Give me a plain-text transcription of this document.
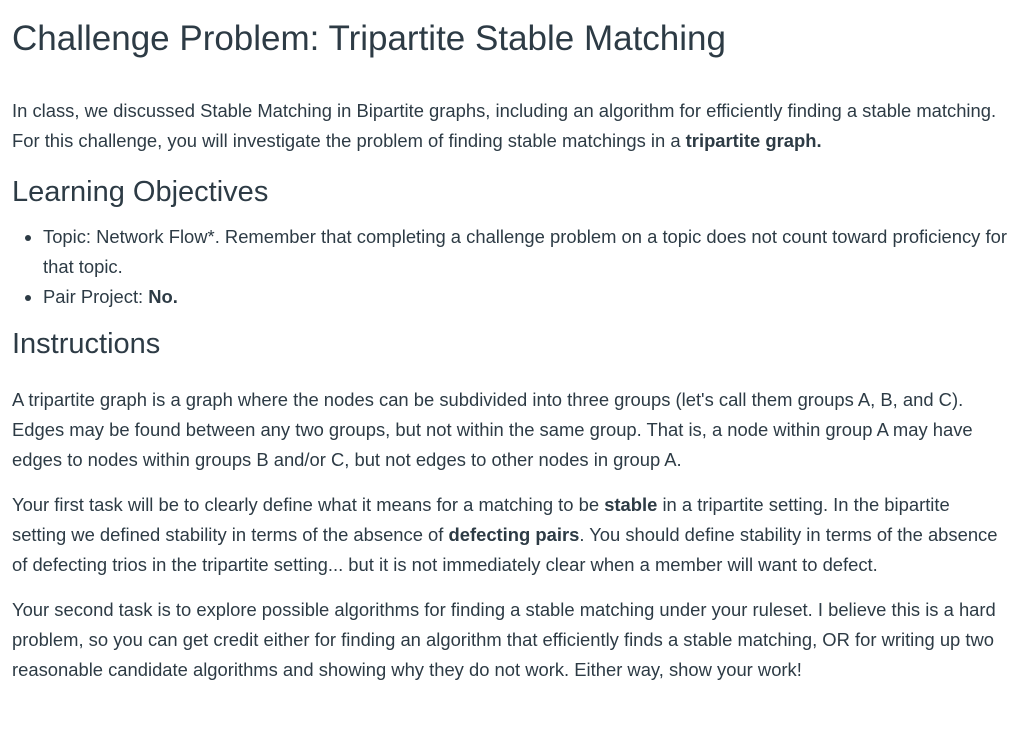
Challenge Problem: Tripartite Stable Matching

In class, we discussed Stable Matching in Bipartite graphs, including an algorithm for efficiently finding a stable matching. For this challenge, you will investigate the problem of finding stable matchings in a tripartite graph.

Learning Objectives
• Topic: Network Flow*. Remember that completing a challenge problem on a topic does not count toward proficiency for that topic.
• Pair Project: No.
Instructions

A tripartite graph is a graph where the nodes can be subdivided into three groups (let's call them groups A, B, and C). Edges may be found between any two groups, but not within the same group. That is, a node within group A may have edges to nodes within groups B and/or C, but not edges to other nodes in group A.

Your first task will be to clearly define what it means for a matching to be stable in a tripartite setting. In the bipartite setting we defined stability in terms of the absence of defecting pairs. You should define stability in terms of the absence of defecting trios in the tripartite setting... but it is not immediately clear when a member will want to defect.

Your second task is to explore possible algorithms for finding a stable matching under your ruleset. I believe this is a hard problem, so you can get credit either for finding an algorithm that efficiently finds a stable matching, OR for writing up two reasonable candidate algorithms and showing why they do not work. Either way, show your work!
